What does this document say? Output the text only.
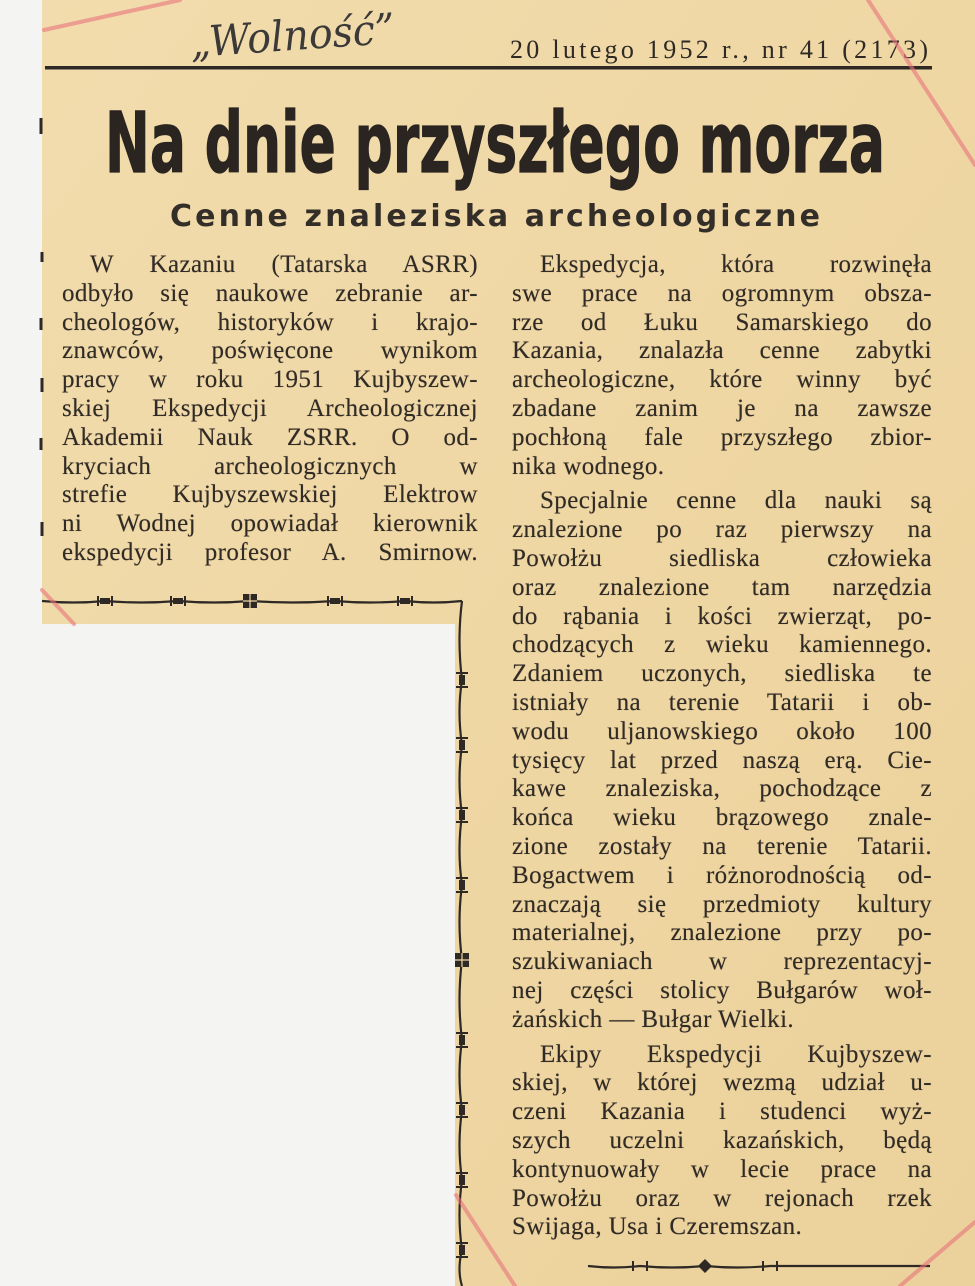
„Wolność”	20 lutego 1952 r., nr 41 (2173)
Na dnie przyszłego morza
Cenne znaleziska archeologiczne
W Kazaniu (Tatarska ASRR)
odbyło się naukowe zebranie ar-
cheologów, historyków i krajo-
znawców, poświęcone wynikom
pracy w roku 1951 Kujbyszew-
skiej Ekspedycji Archeologicznej
Akademii Nauk ZSRR. O od-
kryciach archeologicznych w
strefie Kujbyszewskiej Elektrow
ni Wodnej opowiadał kierownik
ekspedycji profesor A. Smirnow.
Ekspedycja, która rozwinęła
swe prace na ogromnym obsza-
rze od Łuku Samarskiego do
Kazania, znalazła cenne zabytki
archeologiczne, które winny być
zbadane zanim je na zawsze
pochłoną fale przyszłego zbior-
nika wodnego.
Specjalnie cenne dla nauki są
znalezione po raz pierwszy na
Powołżu siedliska człowieka
oraz znalezione tam narzędzia
do rąbania i kości zwierząt, po-
chodzących z wieku kamiennego.
Zdaniem uczonych, siedliska te
istniały na terenie Tatarii i ob-
wodu uljanowskiego około 100
tysięcy lat przed naszą erą. Cie-
kawe znaleziska, pochodzące z
końca wieku brązowego znale-
zione zostały na terenie Tatarii.
Bogactwem i różnorodnością od-
znaczają się przedmioty kultury
materialnej, znalezione przy po-
szukiwaniach w reprezentacyj-
nej części stolicy Bułgarów woł-
żańskich — Bułgar Wielki.
Ekipy Ekspedycji Kujbyszew-
skiej, w której wezmą udział u-
czeni Kazania i studenci wyż-
szych uczelni kazańskich, będą
kontynuowały w lecie prace na
Powołżu oraz w rejonach rzek
Swijaga, Usa i Czeremszan.
